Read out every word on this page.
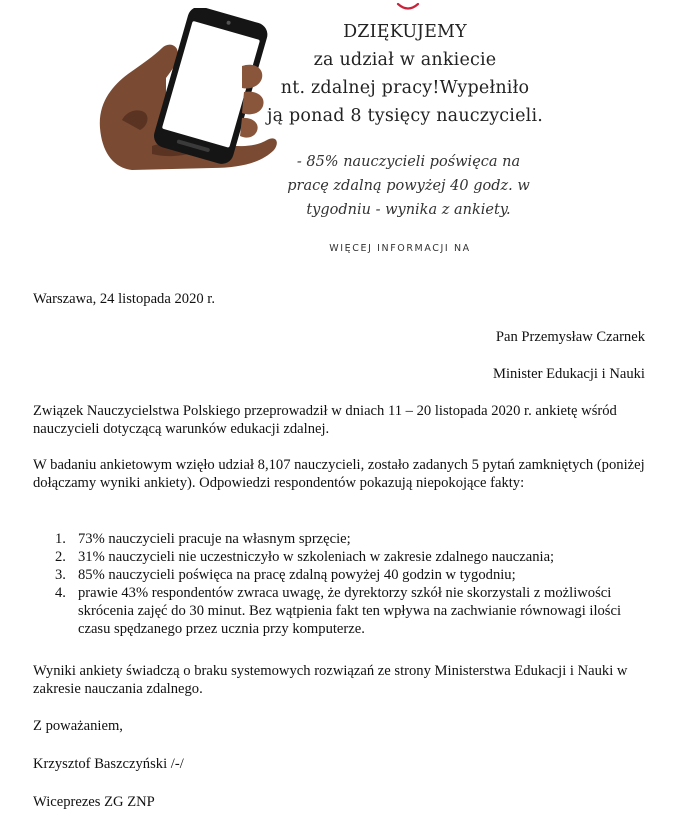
DZIĘKUJEMY
za udział w ankiecie
nt. zdalnej pracy!Wypełniło
ją ponad 8 tysięcy nauczycieli.
- 85% nauczycieli poświęca na
pracę zdalną powyżej 40 godz. w
tygodniu - wynika z ankiety.
WIĘCEJ INFORMACJI NA
Warszawa, 24 listopada 2020 r.
Pan Przemysław Czarnek
Minister Edukacji i Nauki
Związek Nauczycielstwa Polskiego przeprowadził w dniach 11 – 20 listopada 2020 r. ankietę wśród nauczycieli dotyczącą warunków edukacji zdalnej.
W badaniu ankietowym wzięło udział 8,107 nauczycieli, zostało zadanych 5 pytań zamkniętych (poniżej dołączamy wyniki ankiety). Odpowiedzi respondentów pokazują niepokojące fakty:
1. 73% nauczycieli pracuje na własnym sprzęcie;
2. 31% nauczycieli nie uczestniczyło w szkoleniach w zakresie zdalnego nauczania;
3. 85% nauczycieli poświęca na pracę zdalną powyżej 40 godzin w tygodniu;
4. prawie 43% respondentów zwraca uwagę, że dyrektorzy szkół nie skorzystali z możliwości skrócenia zajęć do 30 minut. Bez wątpienia fakt ten wpływa na zachwianie równowagi ilości czasu spędzanego przez ucznia przy komputerze.
Wyniki ankiety świadczą o braku systemowych rozwiązań ze strony Ministerstwa Edukacji i Nauki w zakresie nauczania zdalnego.
Z poważaniem,
Krzysztof Baszczyński /-/
Wiceprezes ZG ZNP
